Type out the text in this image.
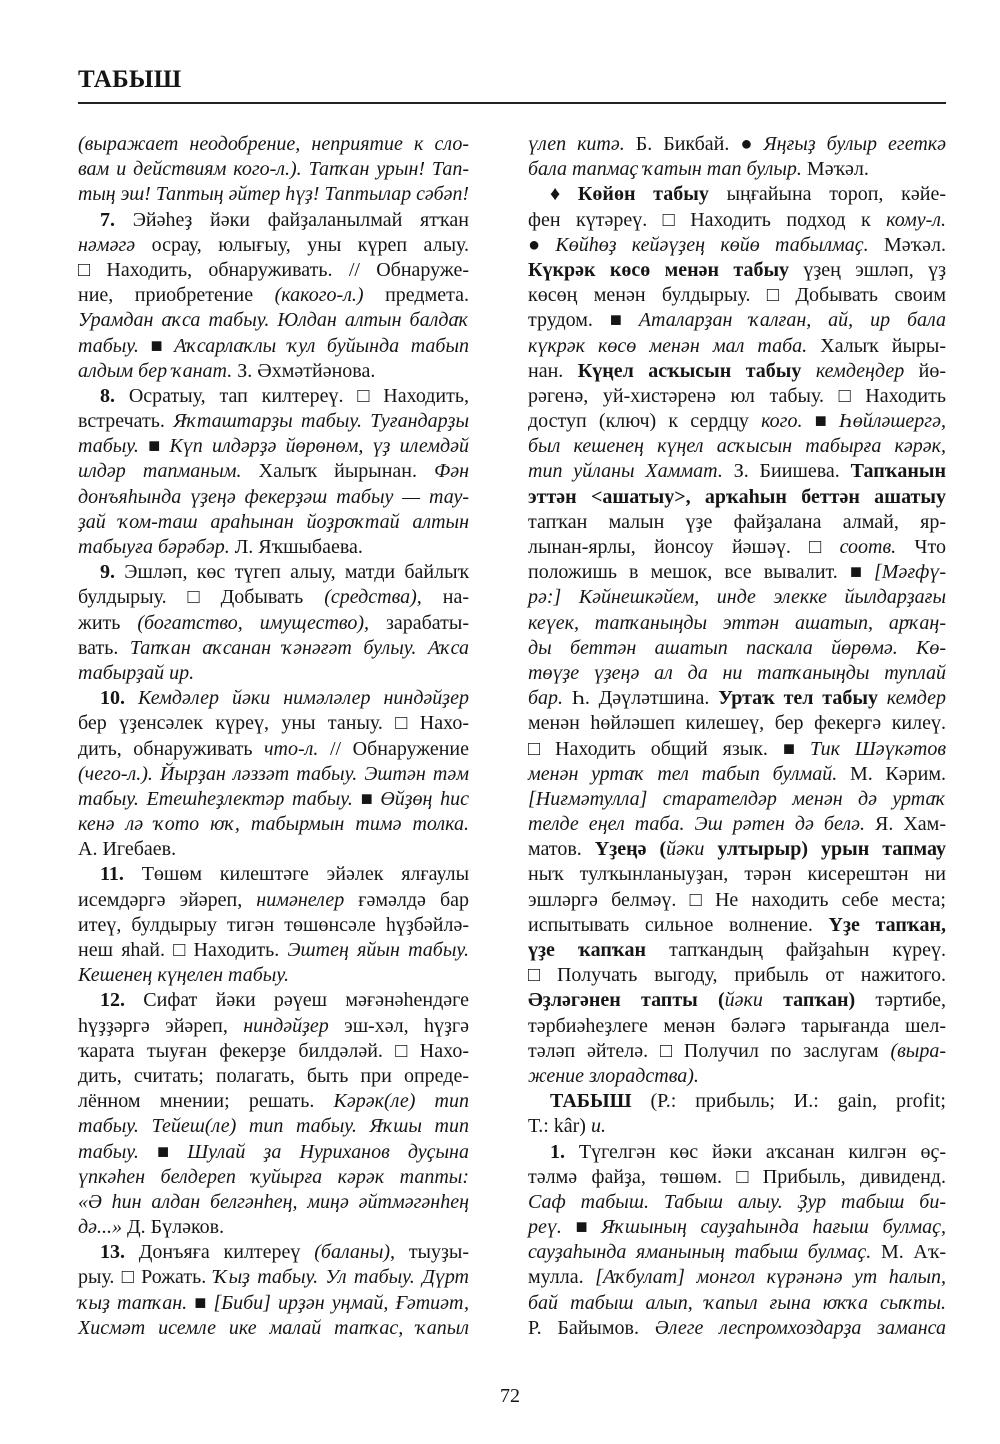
ТАБЫШ
(выражает неодобрение, неприятие к сло-
вам и действиям кого-л.). Тапҡан урын! Тап-
тың эш! Таптың әйтер һүҙ! Таптылар сәбәп!
7. Эйәһеҙ йәки файҙаланылмай ятҡан
нәмәгә осрау, юлығыу, уны күреп алыу.
□ Находить, обнаруживать. // Обнаруже-
ние, приобретение (какого-л.) предмета.
Урамдан аҡса табыу. Юлдан алтын балдаҡ
табыу. ■ Аҡсарлаҡлы ҡул буйында табып
алдым бер ҡанат. З. Әхмәтйәнова.
8. Осратыу, тап килтереү. □ Находить,
встречать. Яҡташтарҙы табыу. Туғандарҙы
табыу. ■ Күп илдәрҙә йөрөнөм, үҙ илемдәй
илдәр тапманым. Халыҡ йырынан. Фән
донъяһында үҙеңә фекерҙәш табыу — тау-
ҙай ҡом-таш араһынан йоҙроҡтай алтын
табыуға бәрәбәр. Л. Яҡшыбаева.
9. Эшләп, көс түгеп алыу, матди байлыҡ
булдырыу. □ Добывать (средства), на-
жить (богатство, имущество), зарабаты-
вать. Тапҡан аҡсанан ҡәнәғәт булыу. Аҡса
табырҙай ир.
10. Кемдәлер йәки нимәләлер ниндәйҙер
бер үҙенсәлек күреү, уны таныу. □ Нахо-
дить, обнаруживать что-л. // Обнаружение
(чего-л.). Йырҙан ләззәт табыу. Эштән тәм
табыу. Етешһеҙлектәр табыу. ■ Өйҙөң һис
кенә лә ҡото юҡ, табырмын тимә толка.
А. Игебаев.
11. Төшөм килештәге эйәлек ялғаулы
исемдәргә эйәреп, нимәнелер ғәмәлдә бар
итеү, булдырыу тигән төшөнсәле һүҙбәйлә-
неш яһай. □ Находить. Эштең яйын табыу.
Кешенең күңелен табыу.
12. Сифат йәки рәүеш мәғәнәһендәге
һүҙҙәргә эйәреп, ниндәйҙер эш-хәл, һүҙгә
ҡарата тыуған фекерҙе билдәләй. □ Нахо-
дить, считать; полагать, быть при опреде-
лённом мнении; решать. Кәрәк(ле) тип
табыу. Тейеш(ле) тип табыу. Яҡшы тип
табыу. ■ Шулай ҙа Нуриханов дуҫына
үпкәһен белдереп ҡуйырға кәрәк тапты:
«Ә һин алдан белгәнһең, миңә әйтмәгәнһең
дә...» Д. Бүләков.
13. Донъяға килтереү (баланы), тыуҙы-
рыу. □ Рожать. Ҡыҙ табыу. Ул табыу. Дүрт
ҡыҙ тапҡан. ■ [Биби] ирҙән уңмай, Ғәтиәт,
Хисмәт исемле ике малай тапҡас, ҡапыл
үлеп китә. Б. Бикбай. ● Яңғыҙ булыр егеткә
бала тапмаҫ ҡатын тап булыр. Мәҡәл.
♦ Көйөн табыу ыңғайына тороп, кәйе-
фен күтәреү. □ Находить подход к кому-л.
● Көйһөҙ кейәүҙең көйө табылмаҫ. Мәҡәл.
Күкрәк көсө менән табыу үҙең эшләп, үҙ
көсөң менән булдырыу. □ Добывать своим
трудом. ■ Аталарҙан ҡалған, ай, ир бала
күкрәк көсө менән мал таба. Халыҡ йыры-
нан. Күңел асҡысын табыу кемдеңдер йө-
рәгенә, уй-хистәренә юл табыу. □ Находить
доступ (ключ) к сердцу кого. ■ Һөйләшергә,
был кешенең күңел асҡысын табырға кәрәк,
тип уйланы Хаммат. З. Биишева. Тапҡанын
эттән <ашатыу>, арҡаһын беттән ашатыу
тапҡан малын үҙе файҙалана алмай, яр-
лынан-ярлы, йонсоу йәшәү. □ соотв. Что
положишь в мешок, все вывалит. ■ [Мәғфү-
рә:] Кәйнешкәйем, инде элекке йылдарҙағы
кеүек, тапҡаныңды эттән ашатып, арҡаң-
ды беттән ашатып паскала йөрөмә. Кө-
төүҙе үҙеңә ал да ни тапҡаныңды туплай
бар. Һ. Дәүләтшина. Уртаҡ тел табыу кемдер
менән һөйләшеп килешеү, бер фекергә килеү.
□ Находить общий язык. ■ Тик Шәүкәтов
менән уртаҡ тел табып булмай. М. Кәрим.
[Ниғмәтулла] старателдәр менән дә уртаҡ
телде еңел таба. Эш рәтен дә белә. Я. Хам-
матов. Үҙеңә (йәки ултырыр) урын тапмау
ныҡ тулҡынланыуҙан, тәрән кисерештән ни
эшләргә белмәү. □ Не находить себе места;
испытывать сильное волнение. Үҙе тапҡан,
үҙе ҡапҡан тапҡандың файҙаһын күреү.
□ Получать выгоду, прибыль от нажитого.
Әҙләгәнен тапты (йәки тапҡан) тәртибе,
тәрбиәһеҙлеге менән бәләгә тарығанда шел-
тәләп әйтелә. □ Получил по заслугам (выра-
жение злорадства).
ТАБЫШ (Р.: прибыль; И.: gain, profit;
Т.: kâr) и.
1. Түгелгән көс йәки аҡсанан килгән өҫ-
тәлмә файҙа, төшөм. □ Прибыль, дивиденд.
Саф табыш. Табыш алыу. Ҙур табыш би-
реү. ■ Яҡшының сауҙаһында һағыш булмаҫ,
сауҙаһында яманының табыш булмаҫ. М. Аҡ-
мулла. [Аҡбулат] монгол күрәнәнә ут һалып,
бай табыш алып, ҡапыл ғына юҡҡа сыҡты.
Р. Байымов. Әлеге леспромхоздарҙа заманса
72
